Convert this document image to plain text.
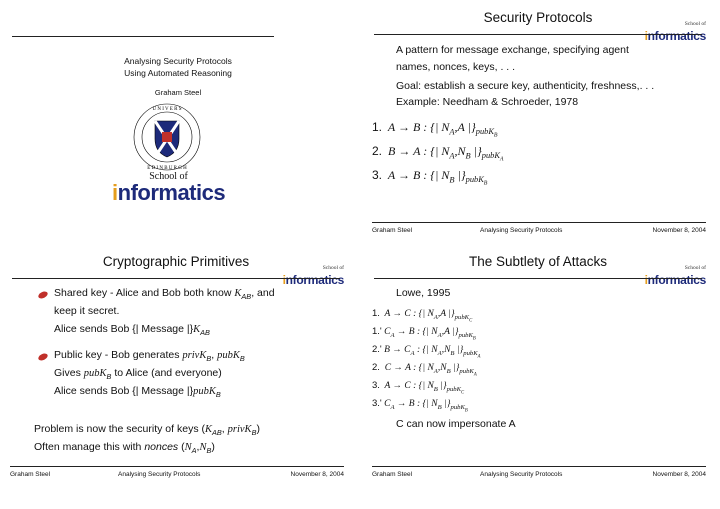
Analysing Security Protocols
Using Automated Reasoning
Graham Steel
U N I V E R S
E D I N B U R G H
School of
informatics
Security Protocols	School of
informatics
A pattern for message exchange, specifying agent
names, nonces, keys, . . .
Goal: establish a secure key, authenticity, freshness,. . .
Example: Needham & Schroeder, 1978
1. A → B : {| $N_A,A$ $|\}_{pubK_B}$
2. B → A : {| $N_A,N_B$ $|\}_{pubK_A}$
3. A → B : {| $N_B$ $|\}_{pubK_B}$
Graham Steel	Analysing Security Protocols	November 8, 2004
Cryptographic Primitives	School of
informatics
Shared key - Alice and Bob both know $K_{AB}$, and
keep it secret.
Alice sends Bob {| Message $|\}K_{AB}$
Public key - Bob generates privK$_B$, pubK$_B$
Gives pubK$_B$ to Alice (and everyone)
Alice sends Bob {| Message |}pubK$_B$
Problem is now the security of keys ($K_{AB}$, privK$_B$)
Often manage this with nonces $(N_A,N_B)$
Graham Steel	Analysing Security Protocols	November 8, 2004
The Subtlety of Attacks	School of
informatics
Lowe, 1995
1. A → C : {| $N_A,A$ $|\}_{pubK_C}$
1.' $C_A \to B$ : {| $N_A,A$ $|\}_{pubK_B}$
2.' $B \to C_A$ : {| $N_A,N_B$ $|\}_{pubK_A}$
2. C → A : {| $N_A,N_B$ $|\}_{pubK_A}$
3. A → C : {| $N_B$ $|\}_{pubK_C}$
3.' $C_A \to B$ : {| $N_B$ $|\}_{pubK_B}$
C can now impersonate A
Graham Steel	Analysing Security Protocols	November 8, 2004
